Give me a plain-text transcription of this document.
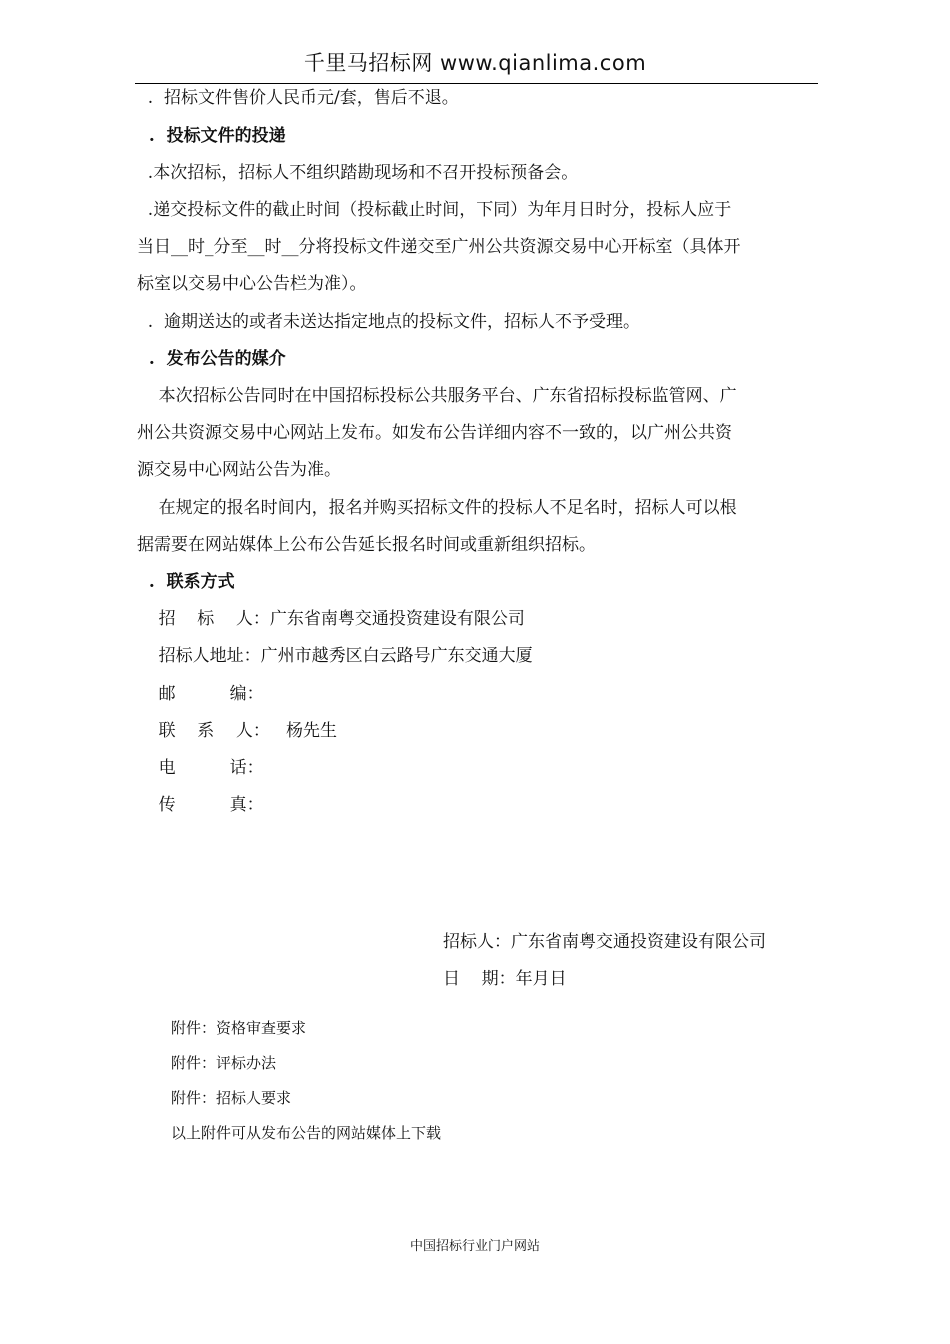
千里马招标网 www.qianlima.com
.  招标文件售价人民币元/套，售后不退。
.  投标文件的投递
.本次招标，招标人不组织踏勘现场和不召开投标预备会。
.递交投标文件的截止时间（投标截止时间，下同）为年月日时分，投标人应于
当日__时_分至__时__分将投标文件递交至广州公共资源交易中心开标室（具体开
标室以交易中心公告栏为准）。
.  逾期送达的或者未送达指定地点的投标文件，招标人不予受理。
.  发布公告的媒介
本次招标公告同时在中国招标投标公共服务平台、广东省招标投标监管网、广
州公共资源交易中心网站上发布。如发布公告详细内容不一致的，以广州公共资
源交易中心网站公告为准。
在规定的报名时间内，报名并购买招标文件的投标人不足名时，招标人可以根
据需要在网站媒体上公布公告延长报名时间或重新组织招标。
.  联系方式
招    标    人：广东省南粤交通投资建设有限公司
招标人地址：广州市越秀区白云路号广东交通大厦
邮          编：
联    系    人：   杨先生
电          话：
传          真：
招标人：广东省南粤交通投资建设有限公司
日    期：年月日
附件：资格审查要求
附件：评标办法
附件：招标人要求
以上附件可从发布公告的网站媒体上下载
中国招标行业门户网站
